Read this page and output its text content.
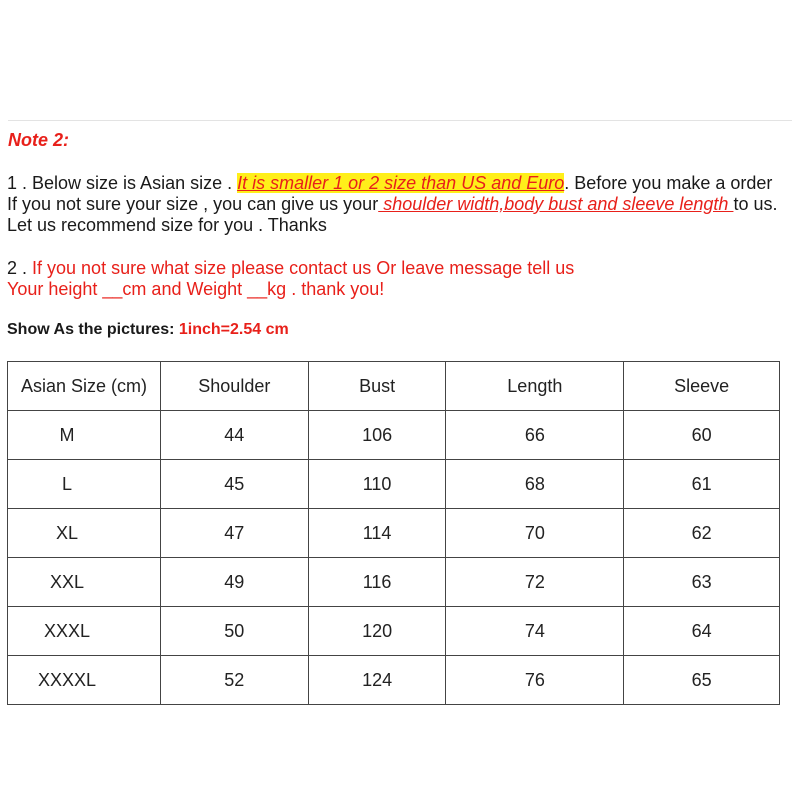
Note 2:
1 . Below size is Asian size . It is smaller 1 or 2 size than US and Euro. Before you make a order
If you not sure your size , you can give us your shoulder width,body bust and sleeve length to us.
Let us recommend size for you . Thanks
2 . If you not sure what size please contact us Or leave message tell us
Your height __cm and Weight __kg . thank you!
Show As the pictures: 1inch=2.54 cm
Asian Size (cm)	Shoulder	Bust	Length	Sleeve
M	44	106	66	60
L	45	110	68	61
XL	47	114	70	62
XXL	49	116	72	63
XXXL	50	120	74	64
XXXXL	52	124	76	65
